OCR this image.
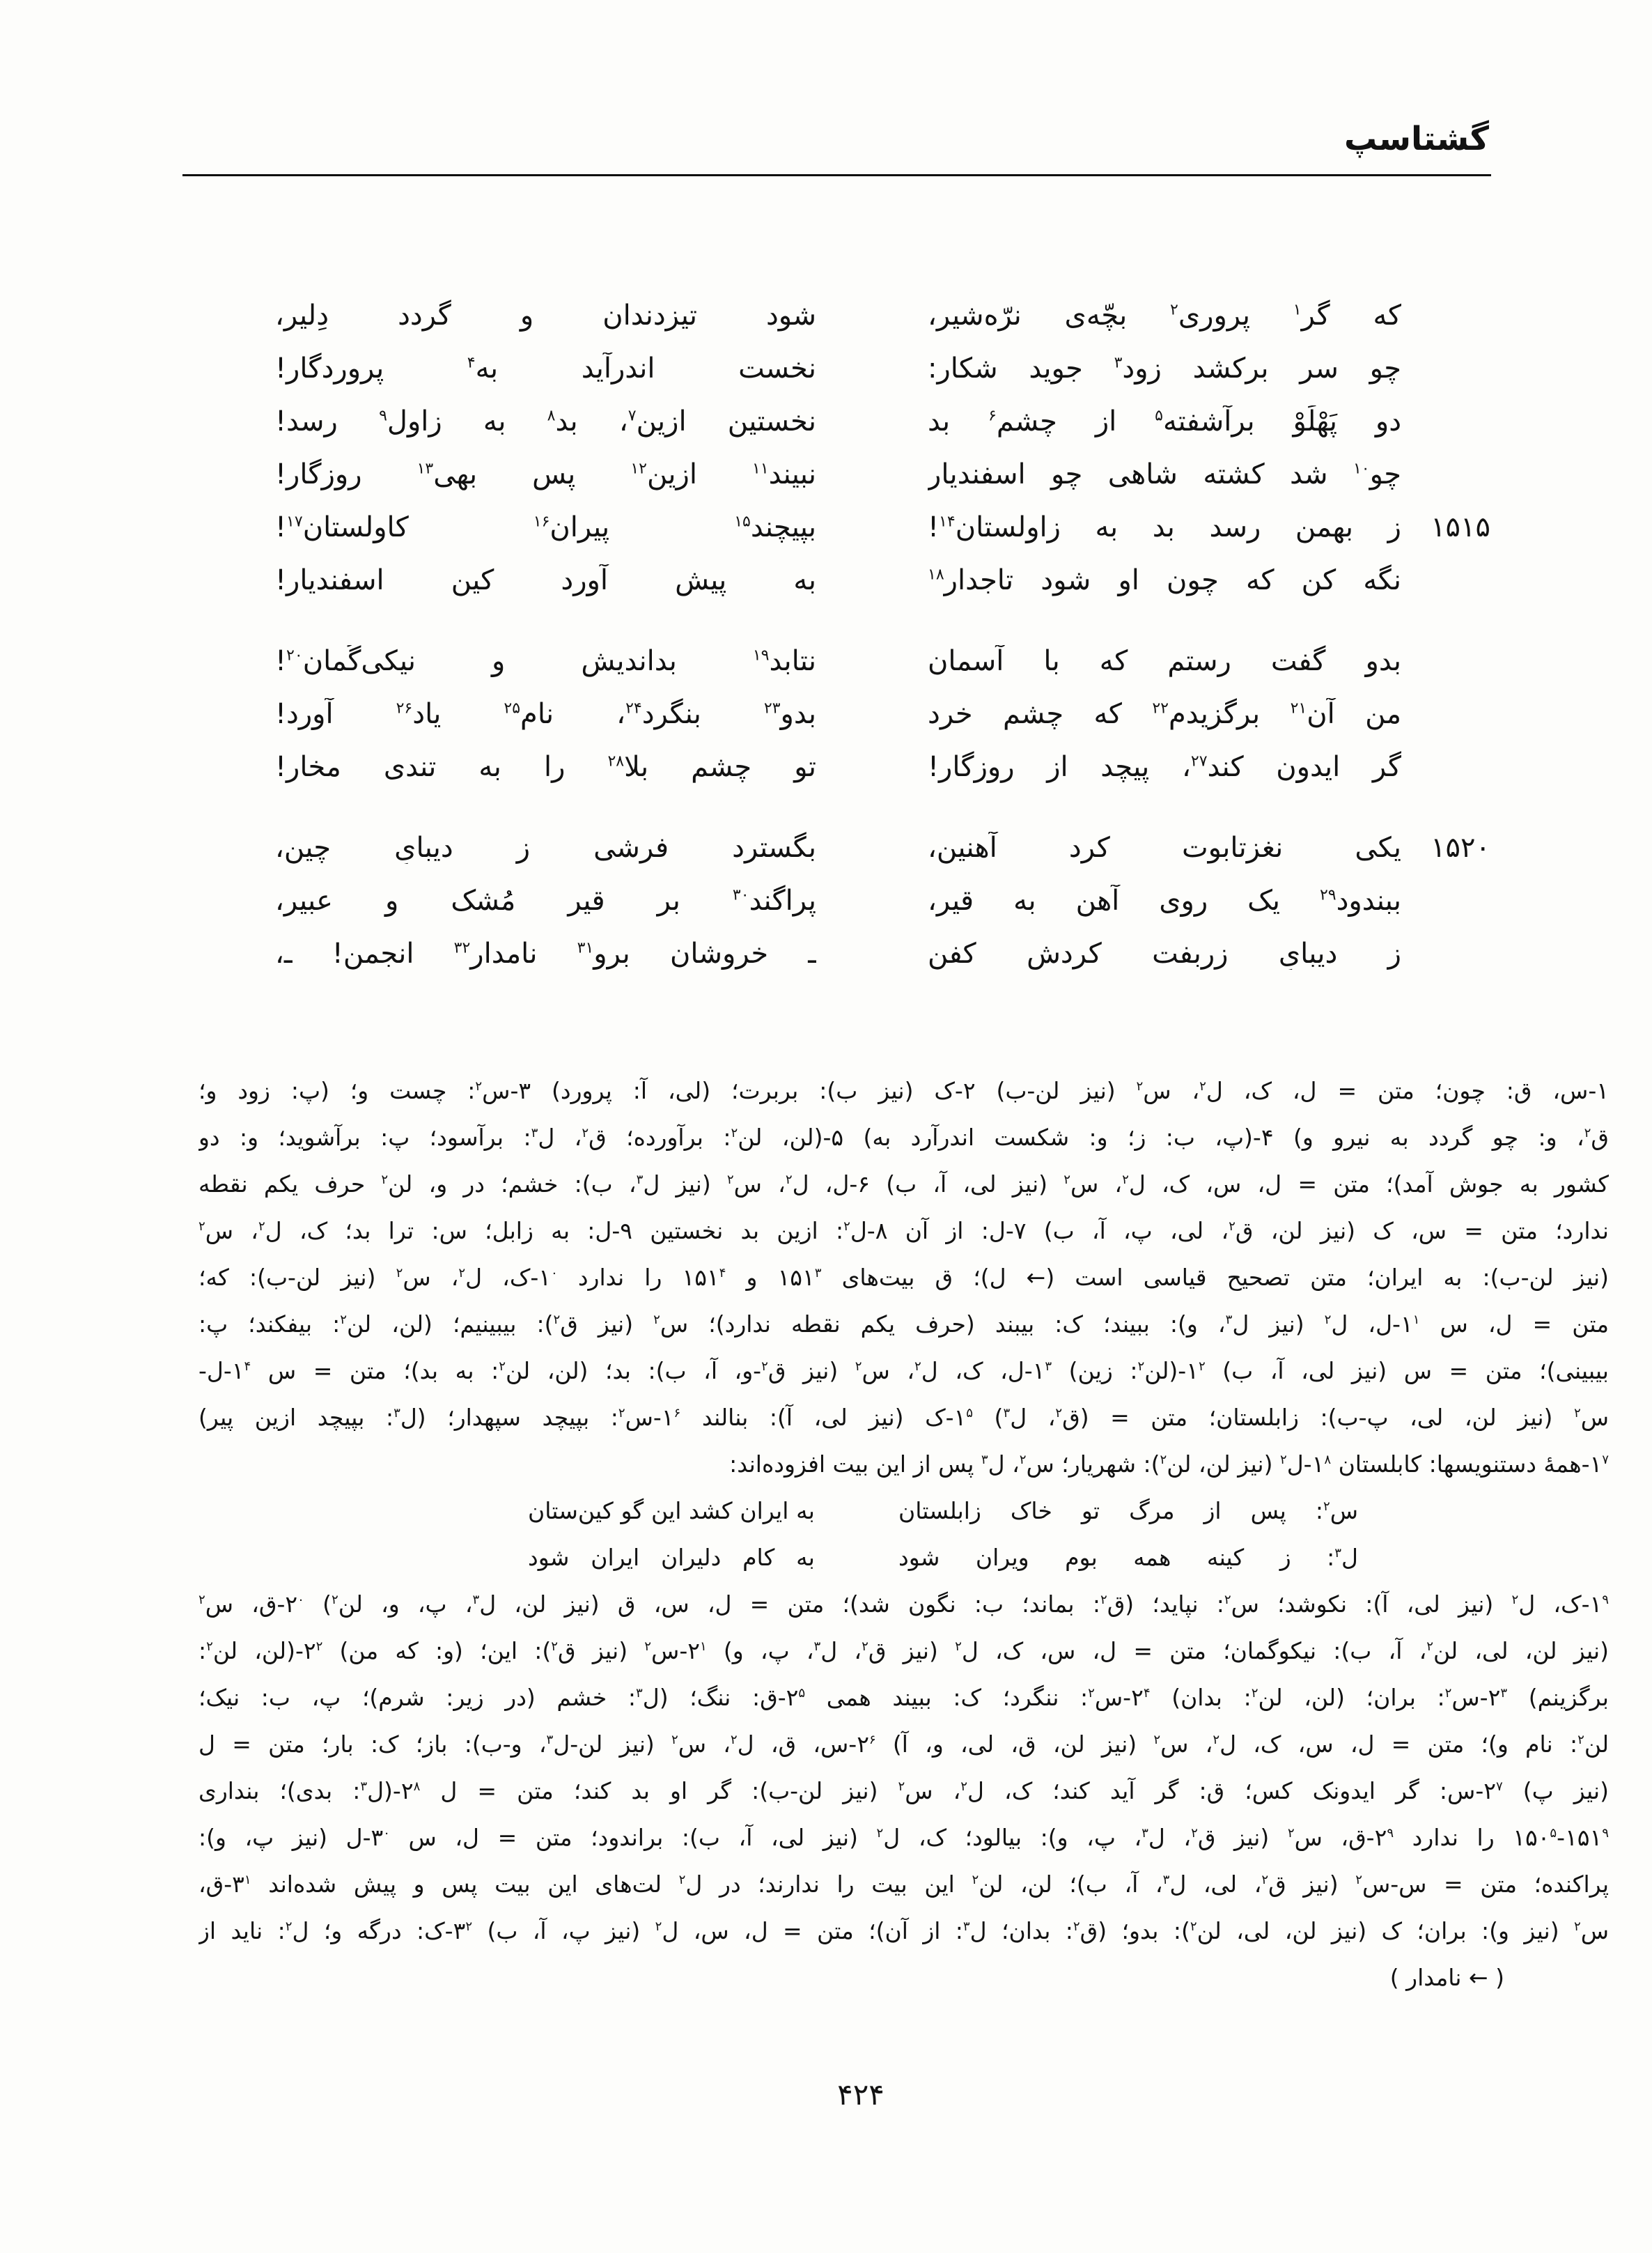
گشتاسپ
که گر$^۱$ پروری$^۲$ بچّه‌ی نرّه‌شیر،
شود تیزدندان و گردد دِلیر،
چو سر برکشد زود$^۳$ جوید شکار:
نخست اندرآید به$^۴$ پروردگار!
دو پَهْلَوْ برآشفته$^۵$ از چشمِ$^۶$ بد
نخستین ازین$^۷$، بد$^۸$ به زاول$^۹$ رسد!
چو$^{۱۰}$ شد کشته شاهی چو اسفندیار
نبیند$^{۱۱}$ ازین$^{۱۲}$ پس بهی$^{۱۳}$ روزگار!
۱۵۱۵
زِ بهمن رسد بد به زاولستان$^{۱۴}$!
بپیچند$^{۱۵}$ پیرانِ$^{۱۶}$ کاولستان$^{۱۷}$!
نگه کن که چون او شود تاجدار$^{۱۸}$
به پیش آورد کینِ اسفندیار!
بدو گفت رستم که با آسمان
نتابد$^{۱۹}$ بداندیش و نیکی‌گُمان$^{۲۰}$!
من آن$^{۲۱}$ برگزیدم$^{۲۲}$ که چشم خرد
بدو$^{۲۳}$ بنگرد$^{۲۴}$، نام$^{۲۵}$ یاد$^{۲۶}$ آورد!
گر ایدون کند$^{۲۷}$، پیچد از روزگار!
تو چشمِ بلا$^{۲۸}$ را به تندی مخار!
۱۵۲۰
یکی نغزتابوت کرد آهنین،
بگسترد فرشی زِ دیبایِ چین،
ببندود$^{۲۹}$ یک روی آهن به قیر،
پراگند$^{۳۰}$ بر قیر مُشک و عبیر،
زِ دیبایِ زربفت کردش کفن
ـ خروشان برو$^{۳۱}$ نامدار$^{۳۲}$ انجمن! ـ،
۱-س، ق: چون؛ متن = ل، ک، ل$^۲$، س$^۲$ (نیز لن-ب) ۲-ک (نیز ب): بربرت؛ (لی، آ: پرورد) ۳-س$^۲$: چست و؛ (پ: زود و؛
ق$^۲$، و: چو گردد به نیرو و) ۴-(پ، ب: ز؛ و: شکست اندرآرد به) ۵-(لن، لن$^۲$: برآورده؛ ق$^۲$، ل$^۳$: برآسود؛ پ: برآشوید؛ و: دو
کشور به جوش آمد)؛ متن = ل، س، ک، ل$^۲$، س$^۲$ (نیز لی، آ، ب) ۶-ل، ل$^۲$، س$^۲$ (نیز ل$^۳$، ب): خشم؛ در و، لن$^۲$ حرف یکم نقطه
ندارد؛ متن = س، ک (نیز لن، ق$^۲$، لی، پ، آ، ب) ۷-ل: از آن ۸-ل$^۲$: ازین بد نخستین ۹-ل: به زابل؛ س: ترا بد؛ ک، ل$^۲$، س$^۲$
(نیز لن-ب): به ایران؛ متن تصحیح قیاسی است (← ل)؛ ق بیت‌های $۱۵۱^۳$ و $۱۵۱^۴$ را ندارد $۱^۰-ک،$ ل$^۲$، س$^۲$ (نیز لن-ب): که؛
متن = ل، س $۱^۱-ل،$ ل$^۲$ (نیز ل$^۳$، و): ببیند؛ ک: بیبند (حرف یکم نقطه ندارد)؛ س$^۲$ (نیز ق$^۲$): بیبینیم؛ (لن، لن$^۲$: بیفکند؛ پ:
بیبینی)؛ متن = س (نیز لی، آ، ب) $۱^۲-(لن^۲$: زین) $۱^۳-ل،$ ک، ل$^۲$، س$^۲$ (نیز ق$^۲$-و، آ، ب): بد؛ (لن، لن$^۲$: به بد)؛ متن = س $۱^۴-ل-$
س$^۲$ (نیز لن، لی، پ-ب): زابلستان؛ متن = (ق$^۲$، ل$^۳$) $۱^۵-ک$ (نیز لی، آ): بنالند $۱^۶-س^۲$: بپیچد سپهدار؛ (ل$^۳$: بپیچد ازین پیر)
$۱^۷-همهٔ$ دستنویسها: کابلستان $۱^۸-ل^۲$ (نیز لن، لن$^۲$): شهریار؛ س$^۲$، ل$^۳$ پس از این بیت افزوده‌اند:
س$^۲$: پس از مرگ تو خاک زابلستان
به ایران کشد این گو کین‌ستان
ل$^۳$: ز کینه همه بوم ویران شود
به کام دلیران ایران شود
$۱^۹-ک،$ ل$^۲$ (نیز لی، آ): نکوشد؛ س$^۲$: نپاید؛ (ق$^۲$: بماند؛ ب: نگون شد)؛ متن = ل، س، ق (نیز لن، ل$^۳$، پ، و، لن$^۲$) $۲^۰-ق،$ س$^۲$
(نیز لن، لی، لن$^۲$، آ، ب): نیکوگمان؛ متن = ل، س، ک، ل$^۲$ (نیز ق$^۲$، ل$^۳$، پ، و) $۲^۱-س^۲$ (نیز ق$^۲$): این؛ (و: که من) $۲^۲-(لن،$ لن$^۲$:
برگزینم) $۲^۳-س^۲$: بران؛ (لن، لن$^۲$: بدان) $۲^۴-س^۲$: ننگرد؛ ک: ببیند همی $۲^۵-ق$: ننگ؛ (ل$^۳$: خشم (در زیر: شرم)؛ پ، ب: نیک؛
لن$^۲$: نام و)؛ متن = ل، س، ک، ل$^۲$، س$^۲$ (نیز لن، ق، لی، و، آ) $۲^۶-س،$ ق، ل$^۲$، س$^۲$ (نیز لن-ل$^۳$، و-ب): باز؛ ک: بار؛ متن = ل
(نیز پ) $۲^۷-س$: گر ایدونک کس؛ ق: گر آید کند؛ ک، ل$^۲$، س$^۲$ (نیز لن-ب): گر او بد کند؛ متن = ل $۲^۸-(ل^۳$: بدی)؛ بنداری
$۱۵۰^۵-۱۵۱^۹$ را ندارد $۲^۹-ق،$ س$^۲$ (نیز ق$^۲$، ل$^۳$، پ، و): بیالود؛ ک، ل$^۲$ (نیز لی، آ، ب): براندود؛ متن = ل، س $۳^۰-ل$ (نیز پ، و):
پراکنده؛ متن = س-س$^۲$ (نیز ق$^۲$، لی، ل$^۳$، آ، ب)؛ لن، لن$^۲$ این بیت را ندارند؛ در ل$^۲$ لت‌های این بیت پس و پیش شده‌اند $۳^۱-ق،$
س$^۲$ (نیز و): بران؛ ک (نیز لن، لی، لن$^۲$): بدو؛ (ق$^۲$: بدان؛ ل$^۳$: از آن)؛ متن = ل، س، ل$^۲$ (نیز پ، آ، ب) $۳^۲-ک$: درگه و؛ ل$^۲$: ناید از
( ← نامدار )
۴۲۴
